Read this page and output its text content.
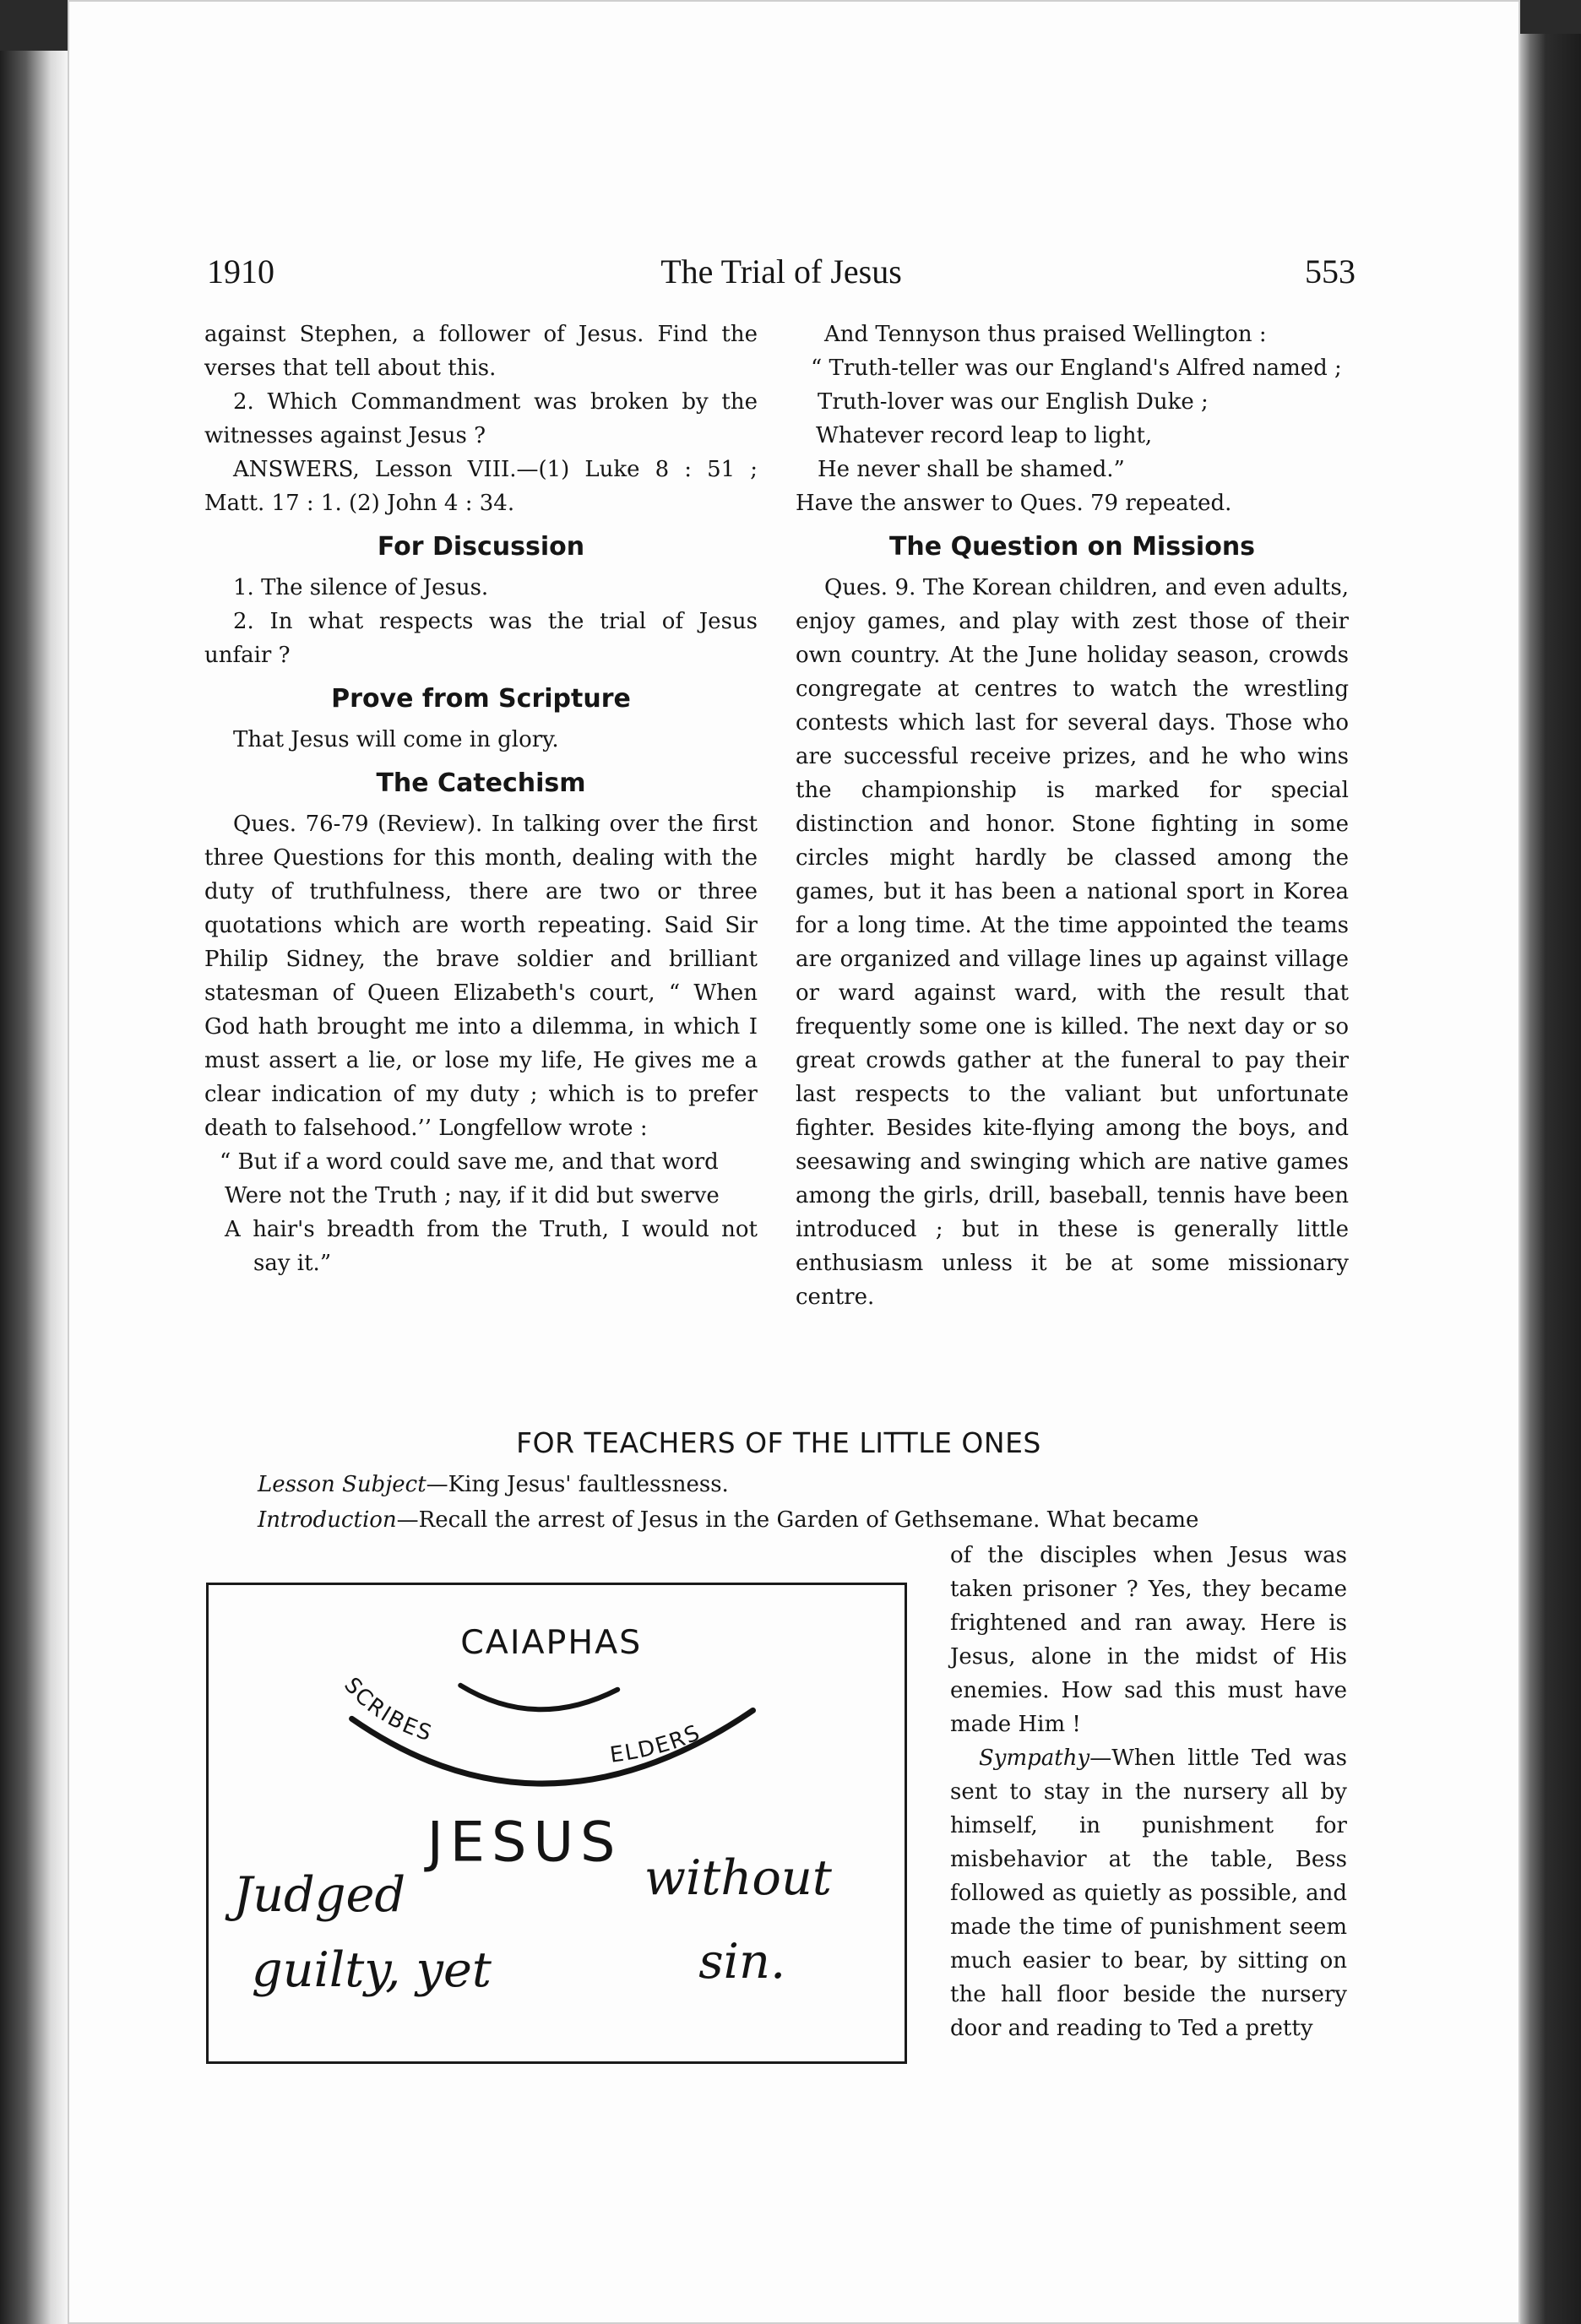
1910	The Trial of Jesus	553

against Stephen, a follower of Jesus. Find the verses that tell about this.

2. Which Commandment was broken by the witnesses against Jesus ?

ANSWERS, Lesson VIII.—(1) Luke 8 : 51 ; Matt. 17 : 1. (2) John 4 : 34.

For Discussion

1. The silence of Jesus.

2. In what respects was the trial of Jesus unfair ?

Prove from Scripture

That Jesus will come in glory.

The Catechism

Ques. 76-79 (Review). In talking over the first three Questions for this month, dealing with the duty of truthfulness, there are two or three quotations which are worth repeating. Said Sir Philip Sidney, the brave soldier and brilliant statesman of Queen Elizabeth's court, “ When God hath brought me into a dilemma, in which I must assert a lie, or lose my life, He gives me a clear indication of my duty ; which is to prefer death to falsehood.’’ Longfellow wrote :

“ But if a word could save me, and that word

Were not the Truth ; nay, if it did but swerve

A hair's breadth from the Truth, I would not say it.”

And Tennyson thus praised Wellington :

“ Truth-teller was our England's Alfred named ;

Truth-lover was our English Duke ;

Whatever record leap to light,

He never shall be shamed.”

Have the answer to Ques. 79 repeated.

The Question on Missions

Ques. 9. The Korean children, and even adults, enjoy games, and play with zest those of their own country. At the June holiday season, crowds congregate at centres to watch the wrestling contests which last for several days. Those who are successful receive prizes, and he who wins the championship is marked for special distinction and honor. Stone fighting in some circles might hardly be classed among the games, but it has been a national sport in Korea for a long time. At the time appointed the teams are organized and village lines up against village or ward against ward, with the result that frequently some one is killed. The next day or so great crowds gather at the funeral to pay their last respects to the valiant but unfortunate fighter. Besides kite-flying among the boys, and seesawing and swinging which are native games among the girls, drill, baseball, tennis have been introduced ; but in these is generally little enthusiasm unless it be at some missionary centre.

FOR TEACHERS OF THE LITTLE ONES
Lesson Subject—King Jesus' faultlessness.
Introduction—Recall the arrest of Jesus in the Garden of Gethsemane. What became

of the disciples when Jesus was taken prisoner ? Yes, they became frightened and ran away. Here is Jesus, alone in the midst of His enemies. How sad this must have made Him !

Sympathy—When little Ted was sent to stay in the nursery all by himself, in punishment for misbehavior at the table, Bess followed as quietly as possible, and made the time of punishment seem much easier to bear, by sitting on the hall floor beside the nursery door and reading to Ted a pretty

CAIAPHAS
SCRIBES
ELDERS
JESUS
Judged	without
guilty, yet	sin.
